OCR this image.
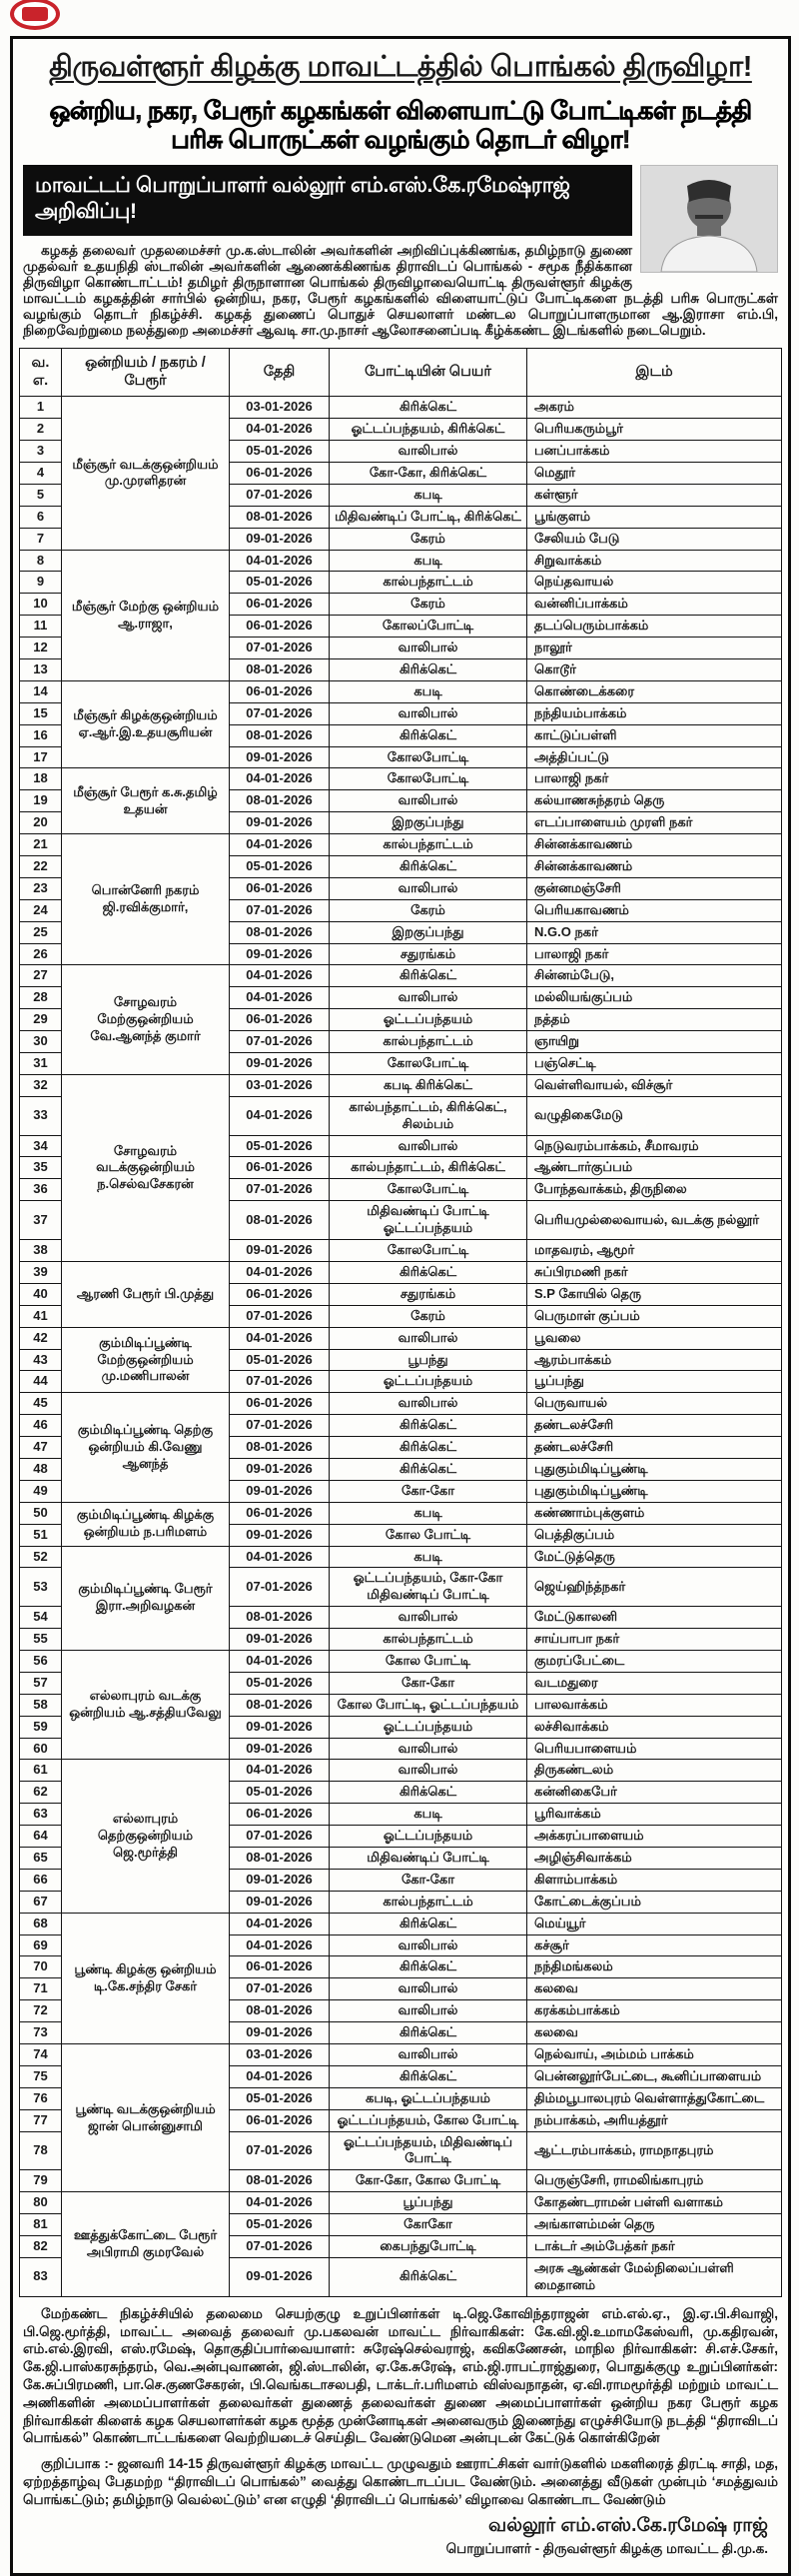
திருவள்ளூர் கிழக்கு மாவட்டத்தில் பொங்கல் திருவிழா!
ஒன்றிய, நகர, பேரூர் கழகங்கள் விளையாட்டு போட்டிகள் நடத்தி பரிசு பொருட்கள் வழங்கும் தொடர் விழா!
மாவட்டப் பொறுப்பாளர் வல்லூர் எம்.எஸ்.கே.ரமேஷ்ராஜ் அறிவிப்பு!

கழகத் தலைவர் முதலமைச்சர் மு.க.ஸ்டாலின் அவர்களின் அறிவிப்புக்கிணங்க, தமிழ்நாடு துணை முதல்வர் உதயநிதி ஸ்டாலின் அவர்களின் ஆணைக்கிணங்க திராவிடப் பொங்கல் - சமூக நீதிக்கான திருவிழா கொண்டாட்டம்! தமிழர் திருநாளான பொங்கல் திருவிழாவையொட்டி திருவள்ளூர் கிழக்கு மாவட்டம் கழகத்தின் சார்பில் ஒன்றிய, நகர, பேரூர் கழகங்களில் விளையாட்டுப் போட்டிகளை நடத்தி பரிசு பொருட்கள் வழங்கும் தொடர் நிகழ்ச்சி. கழகத் துணைப் பொதுச் செயலாளர் மண்டல பொறுப்பாளருமான ஆ.இராசா எம்.பி, நிறைவேற்றுமை நலத்துறை அமைச்சர் ஆவடி சா.மு.நாசர் ஆலோசனைப்படி கீழ்க்கண்ட இடங்களில் நடைபெறும்.

வ. எ.	ஒன்றியம் / நகரம் / பேரூர்	தேதி	போட்டியின் பெயர்	இடம்
1	மீஞ்சூர் வடக்குஒன்றியம் மு.முரளிதரன்	03-01-2026	கிரிக்கெட்	அகரம்
2		04-01-2026	ஓட்டப்பந்தயம், கிரிக்கெட்	பெரியகரும்பூர்
3		05-01-2026	வாலிபால்	பனப்பாக்கம்
4		06-01-2026	கோ-கோ, கிரிக்கெட்	மெதூர்
5		07-01-2026	கபடி	கள்ளூர்
6		08-01-2026	மிதிவண்டிப் போட்டி, கிரிக்கெட்	பூங்குளம்
7		09-01-2026	கேரம்	சேலியம் பேடு
8	மீஞ்சூர் மேற்கு ஒன்றியம் ஆ.ராஜா,	04-01-2026	கபடி	சிறுவாக்கம்
9		05-01-2026	கால்பந்தாட்டம்	நெய்தவாயல்
10		06-01-2026	கேரம்	வன்னிப்பாக்கம்
11		06-01-2026	கோலப்போட்டி	தடப்பெரும்பாக்கம்
12		07-01-2026	வாலிபால்	நாலூர்
13		08-01-2026	கிரிக்கெட்	கொடூர்
14	மீஞ்சூர் கிழக்குஒன்றியம் ஏ.ஆர்.இ.உதயசூரியன்	06-01-2026	கபடி	கொண்டைக்கரை
15		07-01-2026	வாலிபால்	நந்தியம்பாக்கம்
16		08-01-2026	கிரிக்கெட்	காட்டுப்பள்ளி
17		09-01-2026	கோலபோட்டி	அத்திப்பட்டு
18	மீஞ்சூர் பேரூர் க.சு.தமிழ் உதயன்	04-01-2026	கோலபோட்டி	பாலாஜி நகர்
19		08-01-2026	வாலிபால்	கல்யாணசுந்தரம் தெரு
20		09-01-2026	இறகுப்பந்து	எடப்பாளையம் முரளி நகர்
21	பொன்னேரி நகரம் ஜி.ரவிக்குமார்,	04-01-2026	கால்பந்தாட்டம்	சின்னக்காவணம்
22		05-01-2026	கிரிக்கெட்	சின்னக்காவணம்
23		06-01-2026	வாலிபால்	குன்னமஞ்சேரி
24		07-01-2026	கேரம்	பெரியகாவணம்
25		08-01-2026	இறகுப்பந்து	N.G.O நகர்
26		09-01-2026	சதுரங்கம்	பாலாஜி நகர்
27	சோழவரம் மேற்குஒன்றியம் வே.ஆனந்த் குமார்	04-01-2026	கிரிக்கெட்	சின்னம்பேடு,
28		04-01-2026	வாலிபால்	மல்லியங்குப்பம்
29		06-01-2026	ஓட்டப்பந்தயம்	நத்தம்
30		07-01-2026	கால்பந்தாட்டம்	ஞாயிறு
31		09-01-2026	கோலபோட்டி	பஞ்செட்டி
32	சோழவரம் வடக்குஒன்றியம் ந.செல்வசேகரன்	03-01-2026	கபடி கிரிக்கெட்	வெள்ளிவாயல், விச்சூர்
33		04-01-2026	கால்பந்தாட்டம், கிரிக்கெட், சிலம்பம்	வழுதிகைமேடு
34		05-01-2026	வாலிபால்	நெடுவரம்பாக்கம், சீமாவரம்
35		06-01-2026	கால்பந்தாட்டம், கிரிக்கெட்	ஆண்டார்குப்பம்
36		07-01-2026	கோலபோட்டி	போந்தவாக்கம், திருநிலை
37		08-01-2026	மிதிவண்டிப் போட்டி ஓட்டப்பந்தயம்	பெரியமுல்லைவாயல், வடக்கு நல்லூர்
38		09-01-2026	கோலபோட்டி	மாதவரம், ஆமூர்
39	ஆரணி பேரூர் பி.முத்து	04-01-2026	கிரிக்கெட்	சுப்பிரமணி நகர்
40		06-01-2026	சதுரங்கம்	S.P கோயில் தெரு
41		07-01-2026	கேரம்	பெருமாள் குப்பம்
42	கும்மிடிப்பூண்டி மேற்குஒன்றியம் மு.மணிபாலன்	04-01-2026	வாலிபால்	பூவலை
43		05-01-2026	பூபந்து	ஆரம்பாக்கம்
44		07-01-2026	ஓட்டப்பந்தயம்	பூப்பந்து
45	கும்மிடிப்பூண்டி தெற்கு ஒன்றியம் கி.வேணு ஆனந்த்	06-01-2026	வாலிபால்	பெருவாயல்
46		07-01-2026	கிரிக்கெட்	தண்டலச்சேரி
47		08-01-2026	கிரிக்கெட்	தண்டலச்சேரி
48		09-01-2026	கிரிக்கெட்	புதுகும்மிடிப்பூண்டி
49		09-01-2026	கோ-கோ	புதுகும்மிடிப்பூண்டி
50	கும்மிடிப்பூண்டி கிழக்கு ஒன்றியம் ந.பரிமளம்	06-01-2026	கபடி	கண்ணாம்புக்குளம்
51		09-01-2026	கோல போட்டி	பெத்திகுப்பம்
52	கும்மிடிப்பூண்டி பேரூர் இரா.அறிவழகன்	04-01-2026	கபடி	மேட்டுத்தெரு
53		07-01-2026	ஓட்டப்பந்தயம், கோ-கோ மிதிவண்டிப் போட்டி	ஜெய்ஹிந்த்நகர்
54		08-01-2026	வாலிபால்	மேட்டுகாலனி
55		09-01-2026	கால்பந்தாட்டம்	சாய்பாபா நகர்
56	எல்லாபுரம் வடக்கு ஒன்றியம் ஆ.சத்தியவேலு	04-01-2026	கோல போட்டி	குமரப்பேட்டை
57		05-01-2026	கோ-கோ	வடமதுரை
58		08-01-2026	கோல போட்டி, ஓட்டப்பந்தயம்	பாலவாக்கம்
59		09-01-2026	ஓட்டப்பந்தயம்	லச்சிவாக்கம்
60		09-01-2026	வாலிபால்	பெரியபாளையம்
61	எல்லாபுரம் தெற்குஒன்றியம் ஜெ.மூர்த்தி	04-01-2026	வாலிபால்	திருகண்டலம்
62		05-01-2026	கிரிக்கெட்	கன்னிகைபேர்
63		06-01-2026	கபடி	பூரிவாக்கம்
64		07-01-2026	ஓட்டப்பந்தயம்	அக்கரப்பாளையம்
65		08-01-2026	மிதிவண்டிப் போட்டி	அழிஞ்சிவாக்கம்
66		09-01-2026	கோ-கோ	கிளாம்பாக்கம்
67		09-01-2026	கால்பந்தாட்டம்	கோட்டைக்குப்பம்
68	பூண்டி கிழக்கு ஒன்றியம் டி.கே.சந்திர சேகர்	04-01-2026	கிரிக்கெட்	மெய்யூர்
69		04-01-2026	வாலிபால்	கச்சூர்
70		06-01-2026	கிரிக்கெட்	நந்திமங்கலம்
71		07-01-2026	வாலிபால்	கலவை
72		08-01-2026	வாலிபால்	கரக்கம்பாக்கம்
73		09-01-2026	கிரிக்கெட்	கலவை
74	பூண்டி வடக்குஒன்றியம் ஜான் பொன்னுசாமி	03-01-2026	வாலிபால்	நெல்வாய், அம்மம் பாக்கம்
75		04-01-2026	கிரிக்கெட்	பென்னலூர்பேட்டை, கூனிப்பாளையம்
76		05-01-2026	கபடி, ஓட்டப்பந்தயம்	திம்மபூபாலபுரம் வெள்ளாத்துகோட்டை
77		06-01-2026	ஓட்டப்பந்தயம், கோல போட்டி	நம்பாக்கம், அரியத்தூர்
78		07-01-2026	ஓட்டப்பந்தயம், மிதிவண்டிப் போட்டி	ஆட்டரம்பாக்கம், ராமநாதபுரம்
79		08-01-2026	கோ-கோ, கோல போட்டி	பெருஞ்சேரி, ராமலிங்காபுரம்
80	ஊத்துக்கோட்டை பேரூர் அபிராமி குமரவேல்	04-01-2026	பூப்பந்து	கோதண்டராமன் பள்ளி வளாகம்
81		05-01-2026	கோகோ	அங்காளம்மன் தெரு
82		07-01-2026	கைபந்துபோட்டி	டாக்டர் அம்பேத்கர் நகர்
83		09-01-2026	கிரிக்கெட்	அரசு ஆண்கள் மேல்நிலைப்பள்ளி மைதானம்

மேற்கண்ட நிகழ்ச்சியில் தலைமை செயற்குழு உறுப்பினர்கள் டி.ஜெ.கோவிந்தராஜன் எம்.எல்.ஏ., இ.ஏ.பி.சிவாஜி, பி.ஜெ.மூர்த்தி, மாவட்ட அவைத் தலைவர் மு.பகலவன் மாவட்ட நிர்வாகிகள்: கே.வி.ஜி.உமாமகேஸ்வரி, மு.கதிரவன், எம்.எல்.இரவி, எஸ்.ரமேஷ், தொகுதிப்பார்வையாளர்: சுரேஷ்செல்வராஜ், கவிகணேசன், மாநில நிர்வாகிகள்: சி.எச்.சேகர், கே.ஜி.பாஸ்கரசுந்தரம், வெ.அன்புவாணன், ஜி.ஸ்டாலின், ஏ.கே.சுரேஷ், எம்.ஜி.ராபட்ராஜ்துரை, பொதுக்குழு உறுப்பினர்கள்: கே.சுப்பிரமணி, பா.செ.குணசேகரன், பி.வெங்கடாசலபதி, டாக்டர்.பரிமளம் விஸ்வநாதன், ஏ.வி.ராமமூர்த்தி மற்றும் மாவட்ட அணிகளின் அமைப்பாளர்கள் தலைவர்கள் துணைத் தலைவர்கள் துணை அமைப்பாளர்கள் ஒன்றிய நகர பேரூர் கழக நிர்வாகிகள் கிளைக் கழக செயலாளர்கள் கழக மூத்த முன்னோடிகள் அனைவரும் இணைந்து எழுச்சியோடு நடத்தி “திராவிடப் பொங்கல்” கொண்டாட்டங்களை வெற்றியடைச் செய்திட வேண்டுமென அன்புடன் கேட்டுக் கொள்கிறேன்

குறிப்பாக :- ஜனவரி 14-15 திருவள்ளூர் கிழக்கு மாவட்ட முழுவதும் ஊராட்சிகள் வார்டுகளில் மகளிரைத் திரட்டி சாதி, மத, ஏற்றத்தாழ்வு பேதமற்ற “திராவிடப் பொங்கல்” வைத்து கொண்டாடப்பட வேண்டும். அனைத்து வீடுகள் முன்பும் ‘சமத்துவம் பொங்கட்டும்; தமிழ்நாடு வெல்லட்டும்’ என எழுதி ‘திராவிடப் பொங்கல்’ விழாவை கொண்டாட வேண்டும்

வல்லூர் எம்.எஸ்.கே.ரமேஷ் ராஜ்
பொறுப்பாளர் - திருவள்ளூர் கிழக்கு மாவட்ட தி.மு.க.
